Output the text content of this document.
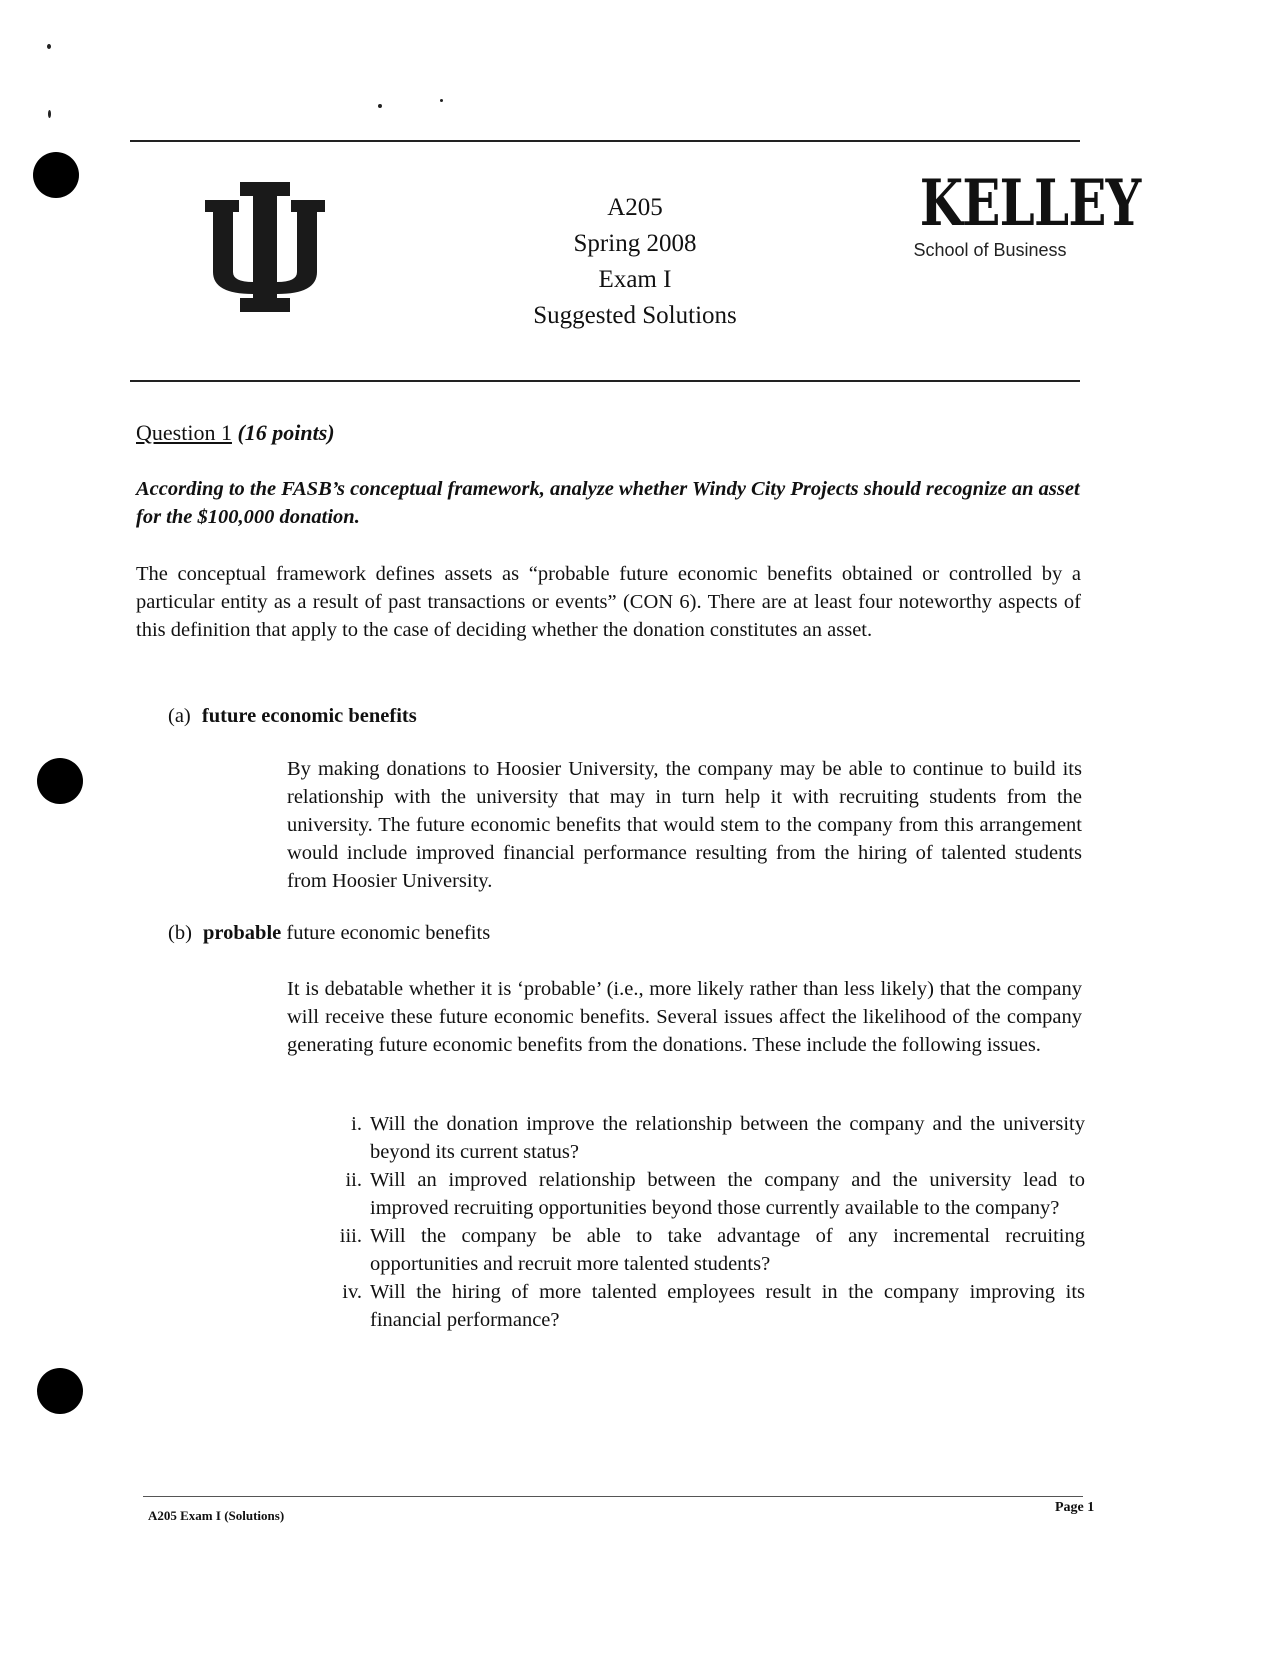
A205
Spring 2008
Exam I
Suggested Solutions
KELLEY
School of Business
Question 1 (16 points)
According to the FASB’s conceptual framework, analyze whether Windy City Projects should recognize an asset for the $100,000 donation.
The conceptual framework defines assets as “probable future economic benefits obtained or controlled by a particular entity as a result of past transactions or events” (CON 6). There are at least four noteworthy aspects of this definition that apply to the case of deciding whether the donation constitutes an asset.
(a) future economic benefits
By making donations to Hoosier University, the company may be able to continue to build its relationship with the university that may in turn help it with recruiting students from the university. The future economic benefits that would stem to the company from this arrangement would include improved financial performance resulting from the hiring of talented students from Hoosier University.
(b) probable future economic benefits
It is debatable whether it is ‘probable’ (i.e., more likely rather than less likely) that the company will receive these future economic benefits. Several issues affect the likelihood of the company generating future economic benefits from the donations. These include the following issues.
i. Will the donation improve the relationship between the company and the university beyond its current status?
ii. Will an improved relationship between the company and the university lead to improved recruiting opportunities beyond those currently available to the company?
iii. Will the company be able to take advantage of any incremental recruiting opportunities and recruit more talented students?
iv. Will the hiring of more talented employees result in the company improving its financial performance?
A205 Exam I (Solutions)
Page 1
